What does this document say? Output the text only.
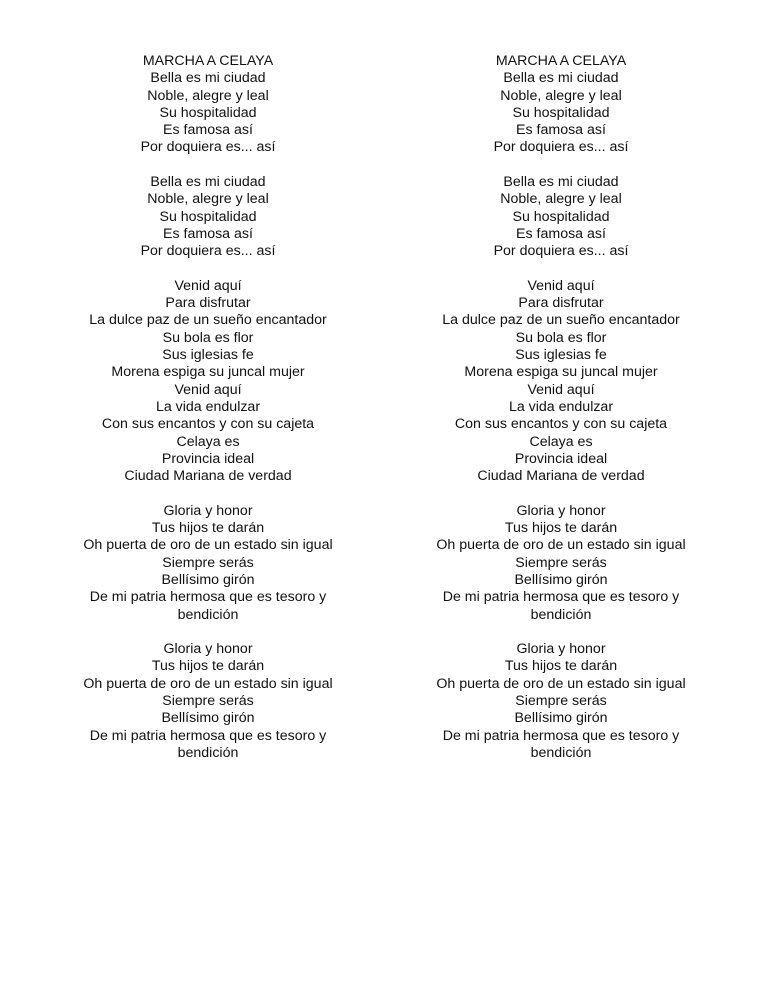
MARCHA A CELAYA
Bella es mi ciudad
Noble, alegre y leal
Su hospitalidad
Es famosa así
Por doquiera es... así
Bella es mi ciudad
Noble, alegre y leal
Su hospitalidad
Es famosa así
Por doquiera es... así
Venid aquí
Para disfrutar
La dulce paz de un sueño encantador
Su bola es flor
Sus iglesias fe
Morena espiga su juncal mujer
Venid aquí
La vida endulzar
Con sus encantos y con su cajeta
Celaya es
Provincia ideal
Ciudad Mariana de verdad
Gloria y honor
Tus hijos te darán
Oh puerta de oro de un estado sin igual
Siempre serás
Bellísimo girón
De mi patria hermosa que es tesoro y
bendición
Gloria y honor
Tus hijos te darán
Oh puerta de oro de un estado sin igual
Siempre serás
Bellísimo girón
De mi patria hermosa que es tesoro y
bendición
MARCHA A CELAYA
Bella es mi ciudad
Noble, alegre y leal
Su hospitalidad
Es famosa así
Por doquiera es... así
Bella es mi ciudad
Noble, alegre y leal
Su hospitalidad
Es famosa así
Por doquiera es... así
Venid aquí
Para disfrutar
La dulce paz de un sueño encantador
Su bola es flor
Sus iglesias fe
Morena espiga su juncal mujer
Venid aquí
La vida endulzar
Con sus encantos y con su cajeta
Celaya es
Provincia ideal
Ciudad Mariana de verdad
Gloria y honor
Tus hijos te darán
Oh puerta de oro de un estado sin igual
Siempre serás
Bellísimo girón
De mi patria hermosa que es tesoro y
bendición
Gloria y honor
Tus hijos te darán
Oh puerta de oro de un estado sin igual
Siempre serás
Bellísimo girón
De mi patria hermosa que es tesoro y
bendición
